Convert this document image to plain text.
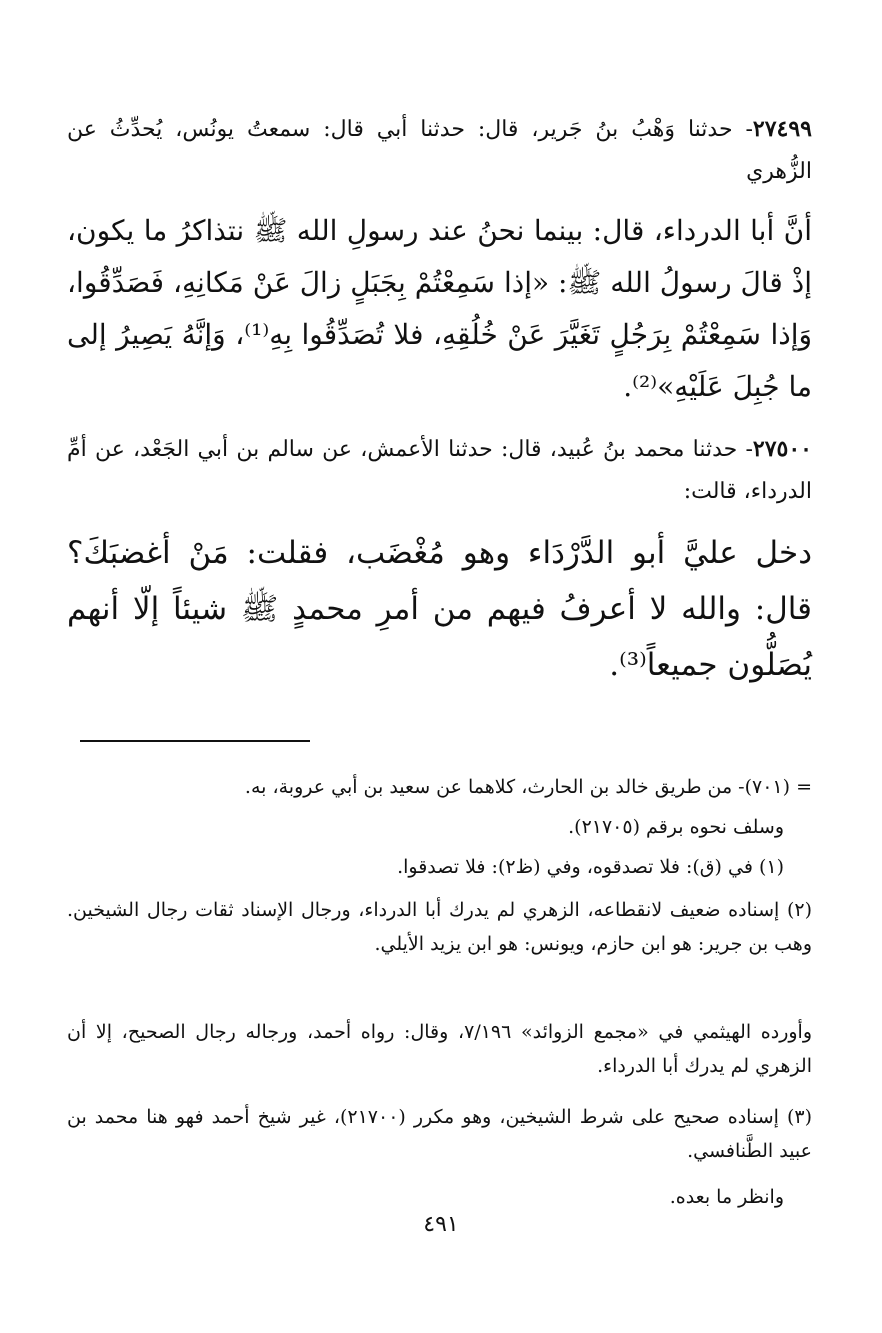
٢٧٤٩٩- حدثنا وَهْبُ بنُ جَرير، قال: حدثنا أبي قال: سمعتُ يونُس، يُحدِّثُ عن الزُّهري

أنَّ أبا الدرداء، قال: بينما نحنُ عند رسولِ الله ﷺ نتذاكرُ ما يكون، إذْ قالَ رسولُ الله ﷺ: «إذا سَمِعْتُمْ بِجَبَلٍ زالَ عَنْ مَكانِهِ، فَصَدِّقُوا، وَإذا سَمِعْتُمْ بِرَجُلٍ تَغَيَّرَ عَنْ خُلُقِهِ، فلا تُصَدِّقُوا بِهِ⁽¹⁾، وَإنَّهُ يَصِيرُ إلى ما جُبِلَ عَلَيْهِ»⁽²⁾.

٢٧٥٠٠- حدثنا محمد بنُ عُبيد، قال: حدثنا الأعمش، عن سالم بن أبي الجَعْد، عن أمِّ الدرداء، قالت:

دخل عليَّ أبو الدَّرْدَاء وهو مُغْضَب، فقلت: مَنْ أغضبَكَ؟ قال: والله لا أعرفُ فيهم من أمرِ محمدٍ ﷺ شيئاً إلّا أنهم يُصَلُّون جميعاً⁽³⁾.

= (٧٠١)- من طريق خالد بن الحارث، كلاهما عن سعيد بن أبي عروبة، به.

وسلف نحوه برقم (٢١٧٠٥).

(١) في (ق): فلا تصدقوه، وفي (ظ٢): فلا تصدقوا.

(٢) إسناده ضعيف لانقطاعه، الزهري لم يدرك أبا الدرداء، ورجال الإسناد ثقات رجال الشيخين. وهب بن جرير: هو ابن حازم، ويونس: هو ابن يزيد الأيلي.

وأورده الهيثمي في «مجمع الزوائد» ٧/١٩٦، وقال: رواه أحمد، ورجاله رجال الصحيح، إلا أن الزهري لم يدرك أبا الدرداء.

(٣) إسناده صحيح على شرط الشيخين، وهو مكرر (٢١٧٠٠)، غير شيخ أحمد فهو هنا محمد بن عبيد الطَّنافسي.

وانظر ما بعده.

٤٩١
